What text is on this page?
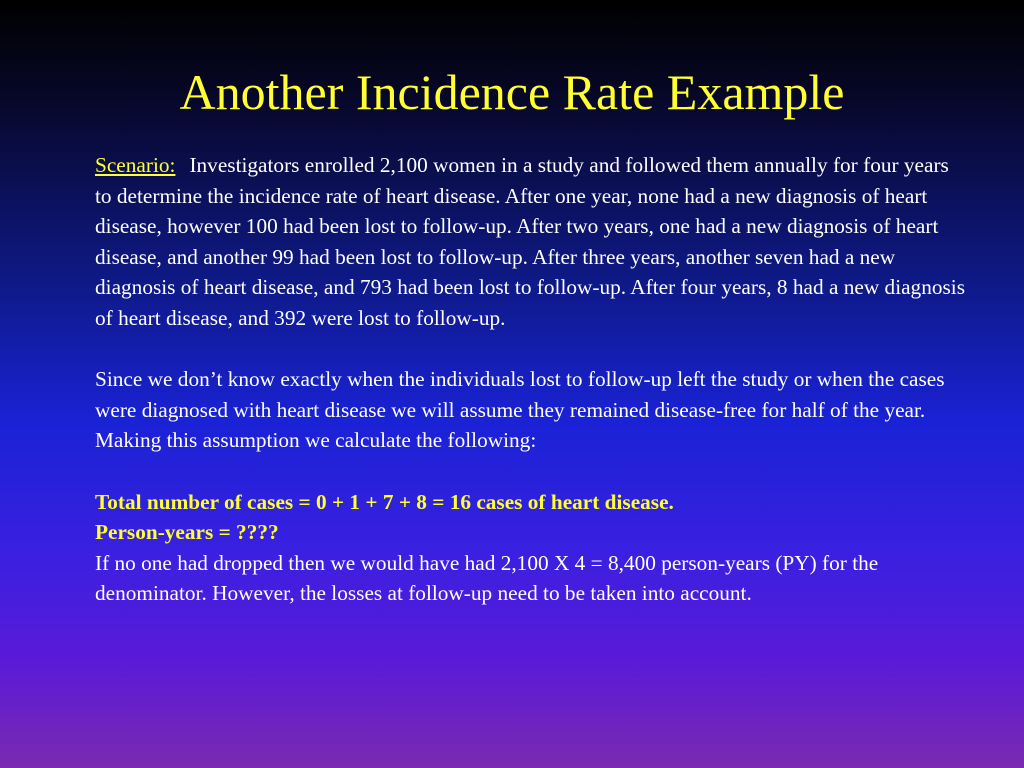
Another Incidence Rate Example

Scenario: Investigators enrolled 2,100 women in a study and followed them annually for four years to determine the incidence rate of heart disease. After one year, none had a new diagnosis of heart disease, however 100 had been lost to follow-up. After two years, one had a new diagnosis of heart disease, and another 99 had been lost to follow-up. After three years, another seven had a new diagnosis of heart disease, and 793 had been lost to follow-up. After four years, 8 had a new diagnosis of heart disease, and 392 were lost to follow-up.

Since we don’t know exactly when the individuals lost to follow-up left the study or when the cases were diagnosed with heart disease we will assume they remained disease-free for half of the year. Making this assumption we calculate the following:

Total number of cases = 0 + 1 + 7 + 8 = 16 cases of heart disease.
Person-years = ????
If no one had dropped then we would have had 2,100 X 4 = 8,400 person-years (PY) for the denominator. However, the losses at follow-up need to be taken into account.
